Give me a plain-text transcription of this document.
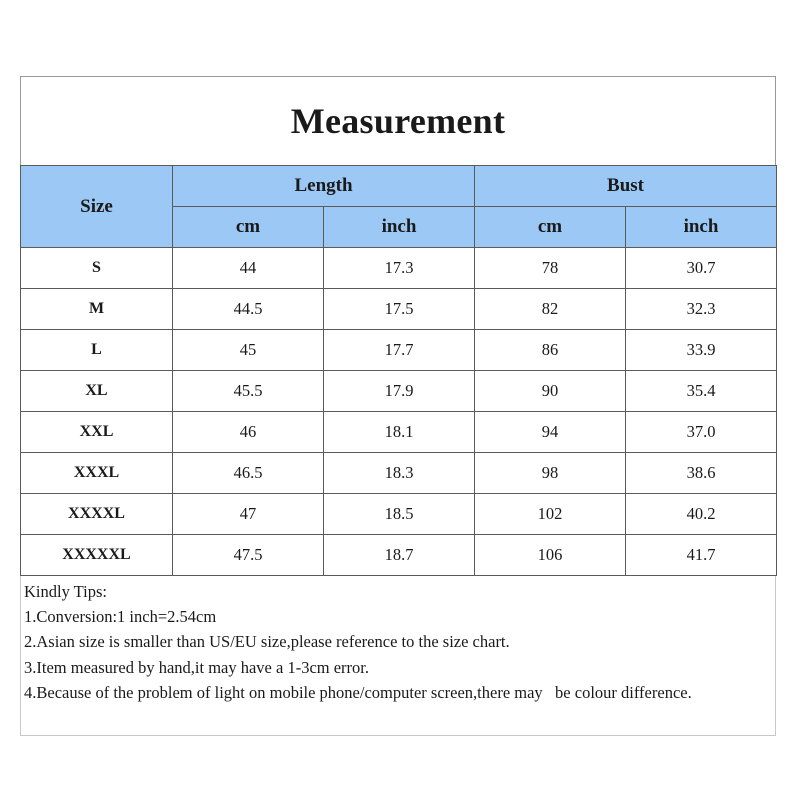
Measurement
Size	Length		Bust	
	cm	inch	cm	inch
S	44	17.3	78	30.7
M	44.5	17.5	82	32.3
L	45	17.7	86	33.9
XL	45.5	17.9	90	35.4
XXL	46	18.1	94	37.0
XXXL	46.5	18.3	98	38.6
XXXXL	47	18.5	102	40.2
XXXXXL	47.5	18.7	106	41.7
Kindly Tips:
1.Conversion:1 inch=2.54cm
2.Asian size is smaller than US/EU size,please reference to the size chart.
3.Item measured by hand,it may have a 1-3cm error.
4.Because of the problem of light on mobile phone/computer screen,there may   be colour difference.
